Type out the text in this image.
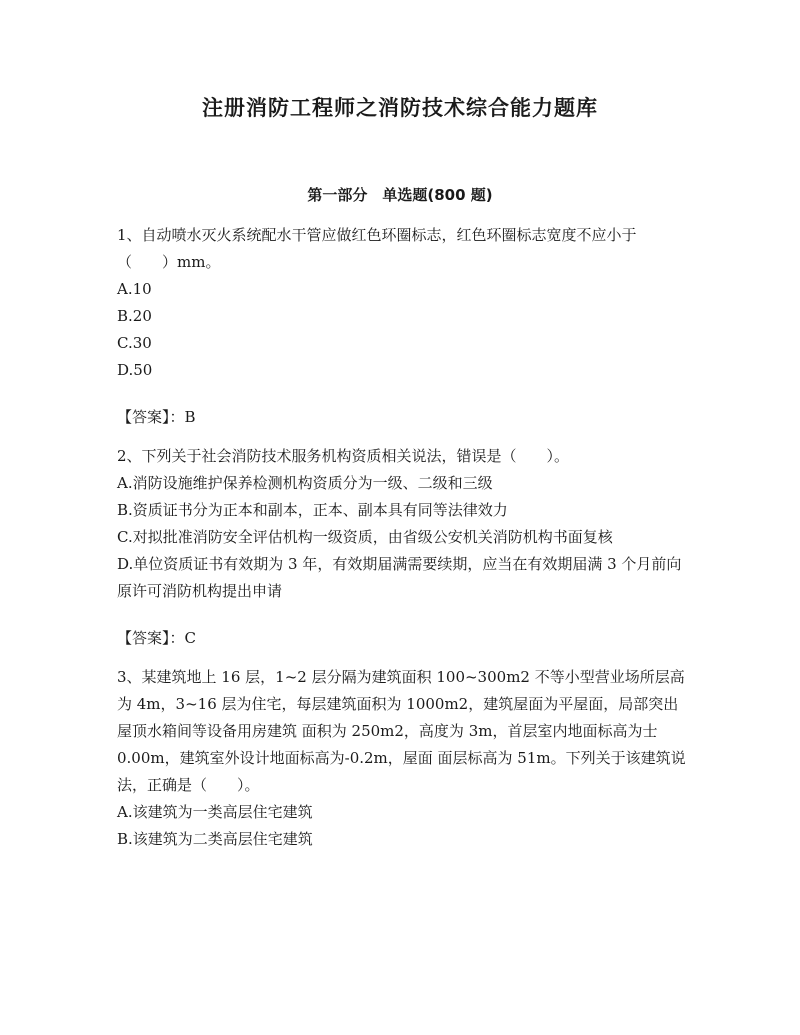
注册消防工程师之消防技术综合能力题库
第一部分　单选题(800 题)

1、自动喷水灭火系统配水干管应做红色环圈标志，红色环圈标志宽度不应小于（　　）mm。

A.10

B.20

C.30

D.50

【答案】：B

2、下列关于社会消防技术服务机构资质相关说法，错误是（　　）。

A.消防设施维护保养检测机构资质分为一级、二级和三级

B.资质证书分为正本和副本，正本、副本具有同等法律效力

C.对拟批准消防安全评估机构一级资质，由省级公安机关消防机构书面复核

D.单位资质证书有效期为 3 年，有效期届满需要续期，应当在有效期届满 3 个月前向原许可消防机构提出申请

【答案】：C

3、某建筑地上 16 层，1~2 层分隔为建筑面积 100~300m2 不等小型营业场所层高为 4m，3~16 层为住宅，每层建筑面积为 1000m2，建筑屋面为平屋面，局部突出屋顶水箱间等设备用房建筑 面积为 250m2，高度为 3m，首层室内地面标高为士 0.00m，建筑室外设计地面标高为-0.2m，屋面 面层标高为 51m。下列关于该建筑说法，正确是（　　）。

A.该建筑为一类高层住宅建筑

B.该建筑为二类高层住宅建筑
